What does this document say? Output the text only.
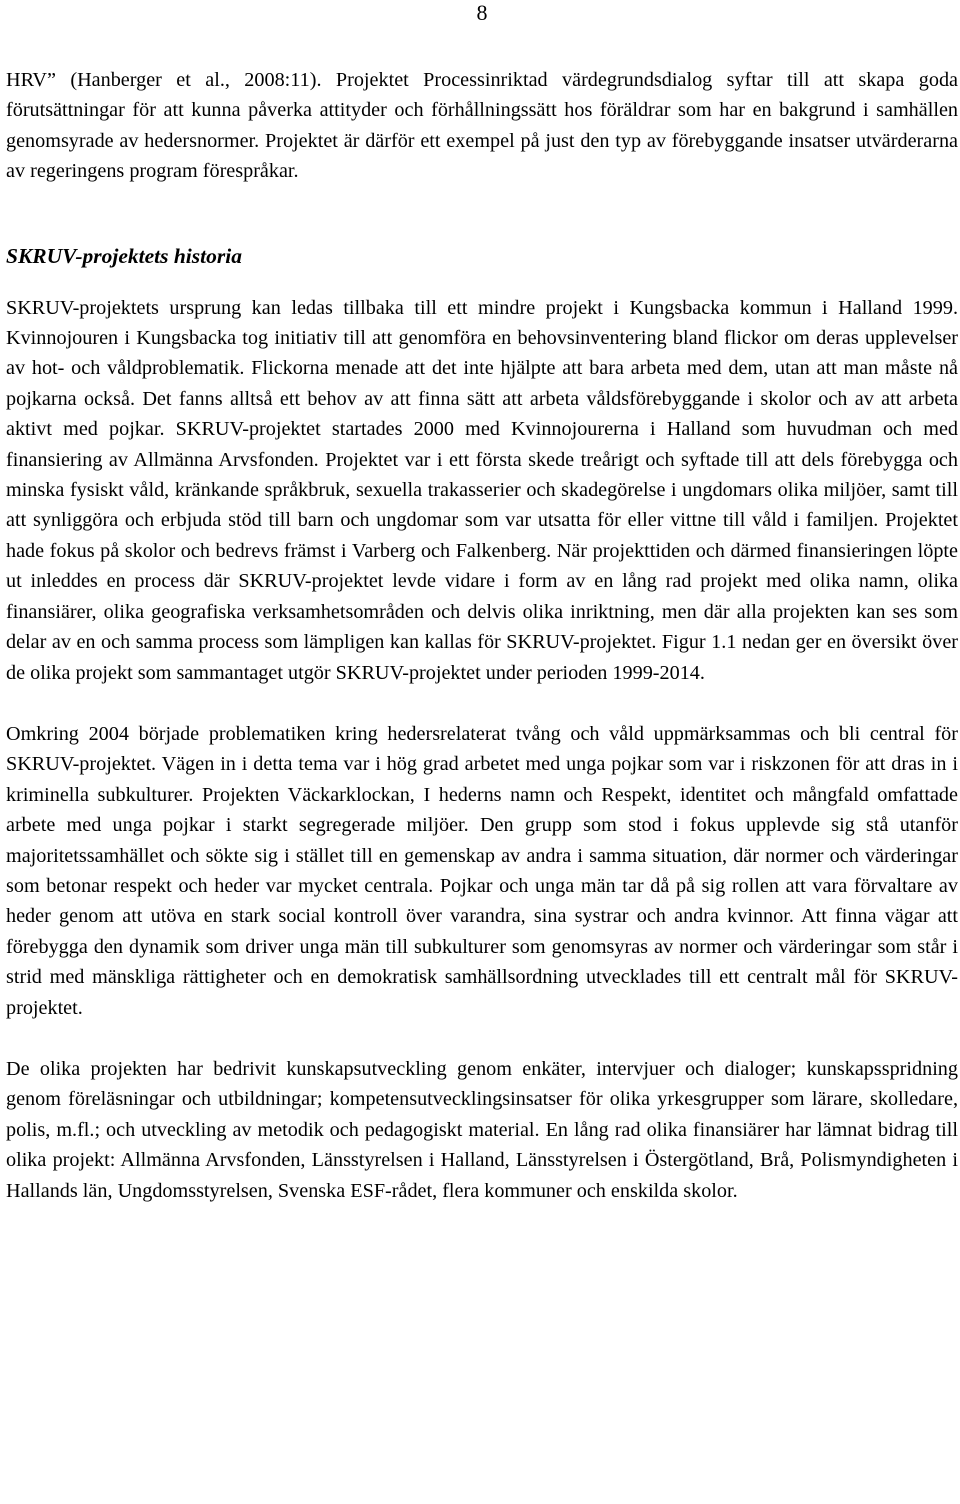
8

HRV” (Hanberger et al., 2008:11). Projektet Processinriktad värdegrundsdialog syftar till att skapa goda förutsättningar för att kunna påverka attityder och förhållningssätt hos föräldrar som har en bakgrund i samhällen genomsyrade av hedersnormer. Projektet är därför ett exempel på just den typ av förebyggande insatser utvärderarna av regeringens program förespråkar.

SKRUV-projektets historia

SKRUV-projektets ursprung kan ledas tillbaka till ett mindre projekt i Kungsbacka kommun i Halland 1999. Kvinnojouren i Kungsbacka tog initiativ till att genomföra en behovsinventering bland flickor om deras upplevelser av hot- och våldproblematik. Flickorna menade att det inte hjälpte att bara arbeta med dem, utan att man måste nå pojkarna också. Det fanns alltså ett behov av att finna sätt att arbeta våldsförebyggande i skolor och av att arbeta aktivt med pojkar. SKRUV-projektet startades 2000 med Kvinnojourerna i Halland som huvudman och med finansiering av Allmänna Arvsfonden. Projektet var i ett första skede treårigt och syftade till att dels förebygga och minska fysiskt våld, kränkande språkbruk, sexuella trakasserier och skadegörelse i ungdomars olika miljöer, samt till att synliggöra och erbjuda stöd till barn och ungdomar som var utsatta för eller vittne till våld i familjen. Projektet hade fokus på skolor och bedrevs främst i Varberg och Falkenberg. När projekttiden och därmed finansieringen löpte ut inleddes en process där SKRUV-projektet levde vidare i form av en lång rad projekt med olika namn, olika finansiärer, olika geografiska verksamhetsområden och delvis olika inriktning, men där alla projekten kan ses som delar av en och samma process som lämpligen kan kallas för SKRUV-projektet. Figur 1.1 nedan ger en översikt över de olika projekt som sammantaget utgör SKRUV-projektet under perioden 1999-2014.

Omkring 2004 började problematiken kring hedersrelaterat tvång och våld uppmärksammas och bli central för SKRUV-projektet. Vägen in i detta tema var i hög grad arbetet med unga pojkar som var i riskzonen för att dras in i kriminella subkulturer. Projekten Väckarklockan, I hederns namn och Respekt, identitet och mångfald omfattade arbete med unga pojkar i starkt segregerade miljöer. Den grupp som stod i fokus upplevde sig stå utanför majoritetssamhället och sökte sig i stället till en gemenskap av andra i samma situation, där normer och värderingar som betonar respekt och heder var mycket centrala. Pojkar och unga män tar då på sig rollen att vara förvaltare av heder genom att utöva en stark social kontroll över varandra, sina systrar och andra kvinnor. Att finna vägar att förebygga den dynamik som driver unga män till subkulturer som genomsyras av normer och värderingar som står i strid med mänskliga rättigheter och en demokratisk samhällsordning utvecklades till ett centralt mål för SKRUV-projektet.

De olika projekten har bedrivit kunskapsutveckling genom enkäter, intervjuer och dialoger; kunskapsspridning genom föreläsningar och utbildningar; kompetensutvecklingsinsatser för olika yrkesgrupper som lärare, skolledare, polis, m.fl.; och utveckling av metodik och pedagogiskt material. En lång rad olika finansiärer har lämnat bidrag till olika projekt: Allmänna Arvsfonden, Länsstyrelsen i Halland, Länsstyrelsen i Östergötland, Brå, Polismyndigheten i Hallands län, Ungdomsstyrelsen, Svenska ESF-rådet, flera kommuner och enskilda skolor.
